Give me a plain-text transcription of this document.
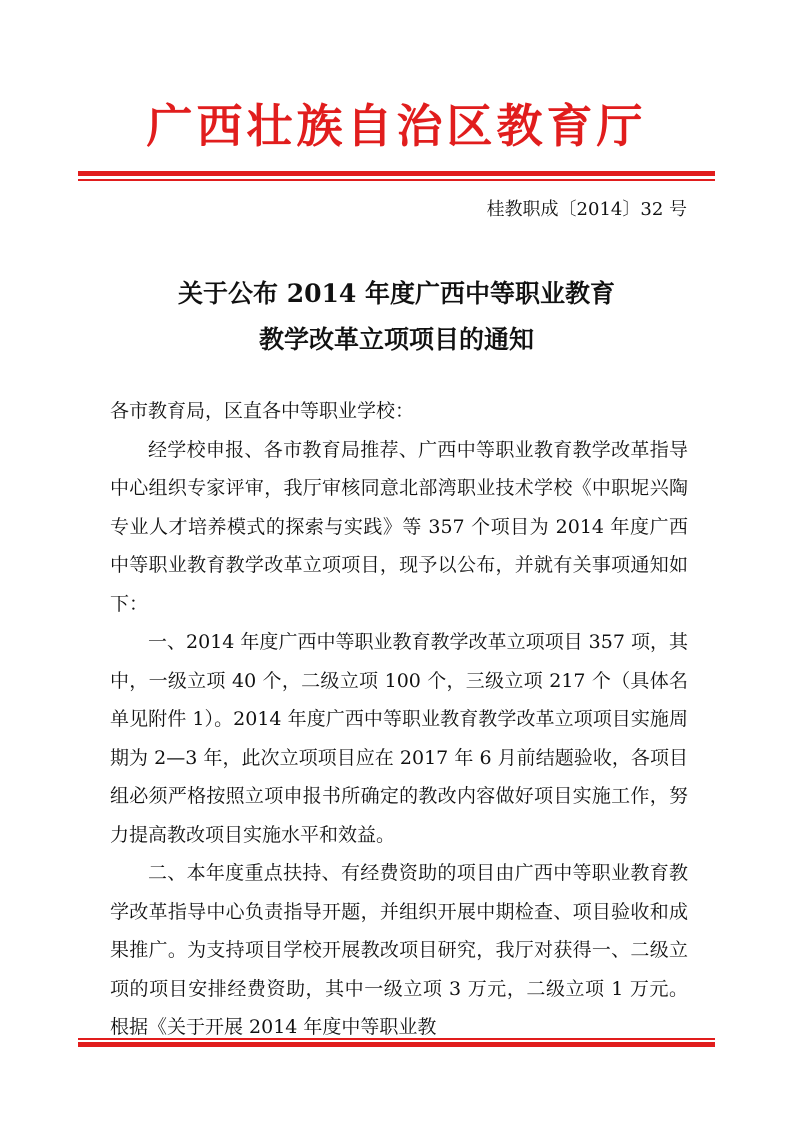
广西壮族自治区教育厅
桂教职成〔2014〕32 号
关于公布 2014 年度广西中等职业教育
教学改革立项项目的通知

各市教育局，区直各中等职业学校：

经学校申报、各市教育局推荐、广西中等职业教育教学改革指导中心组织专家评审，我厅审核同意北部湾职业技术学校《中职坭兴陶专业人才培养模式的探索与实践》等 357 个项目为 2014 年度广西中等职业教育教学改革立项项目，现予以公布，并就有关事项通知如下：

一、2014 年度广西中等职业教育教学改革立项项目 357 项，其中，一级立项 40 个，二级立项 100 个，三级立项 217 个（具体名单见附件 1）。2014 年度广西中等职业教育教学改革立项项目实施周期为 2—3 年，此次立项项目应在 2017 年 6 月前结题验收，各项目组必须严格按照立项申报书所确定的教改内容做好项目实施工作，努力提高教改项目实施水平和效益。

二、本年度重点扶持、有经费资助的项目由广西中等职业教育教学改革指导中心负责指导开题，并组织开展中期检查、项目验收和成果推广。为支持项目学校开展教改项目研究，我厅对获得一、二级立项的项目安排经费资助，其中一级立项 3 万元，二级立项 1 万元。根据《关于开展 2014 年度中等职业教
